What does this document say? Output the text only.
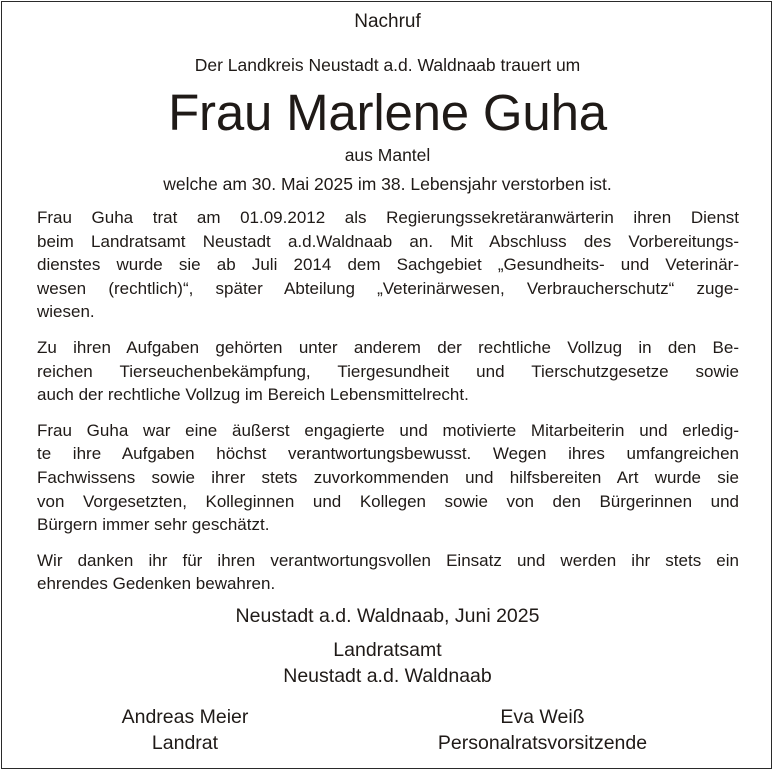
Nachruf
Der Landkreis Neustadt a.d. Waldnaab trauert um
Frau Marlene Guha
aus Mantel
welche am 30. Mai 2025 im 38. Lebensjahr verstorben ist.
Frau Guha trat am 01.09.2012 als Regierungssekretäranwärterin ihren Dienst
beim Landratsamt Neustadt a.d.Waldnaab an. Mit Abschluss des Vorbereitungs-
dienstes wurde sie ab Juli 2014 dem Sachgebiet „Gesundheits- und Veterinär-
wesen (rechtlich)“, später Abteilung „Veterinärwesen, Verbraucherschutz“ zuge-
wiesen.
Zu ihren Aufgaben gehörten unter anderem der rechtliche Vollzug in den Be-
reichen Tierseuchenbekämpfung, Tiergesundheit und Tierschutzgesetze sowie
auch der rechtliche Vollzug im Bereich Lebensmittelrecht.
Frau Guha war eine äußerst engagierte und motivierte Mitarbeiterin und erledig-
te ihre Aufgaben höchst verantwortungsbewusst. Wegen ihres umfangreichen
Fachwissens sowie ihrer stets zuvorkommenden und hilfsbereiten Art wurde sie
von Vorgesetzten, Kolleginnen und Kollegen sowie von den Bürgerinnen und
Bürgern immer sehr geschätzt.
Wir danken ihr für ihren verantwortungsvollen Einsatz und werden ihr stets ein
ehrendes Gedenken bewahren.
Neustadt a.d. Waldnaab, Juni 2025
Landratsamt
Neustadt a.d. Waldnaab
Andreas Meier
Landrat
Eva Weiß
Personalratsvorsitzende
